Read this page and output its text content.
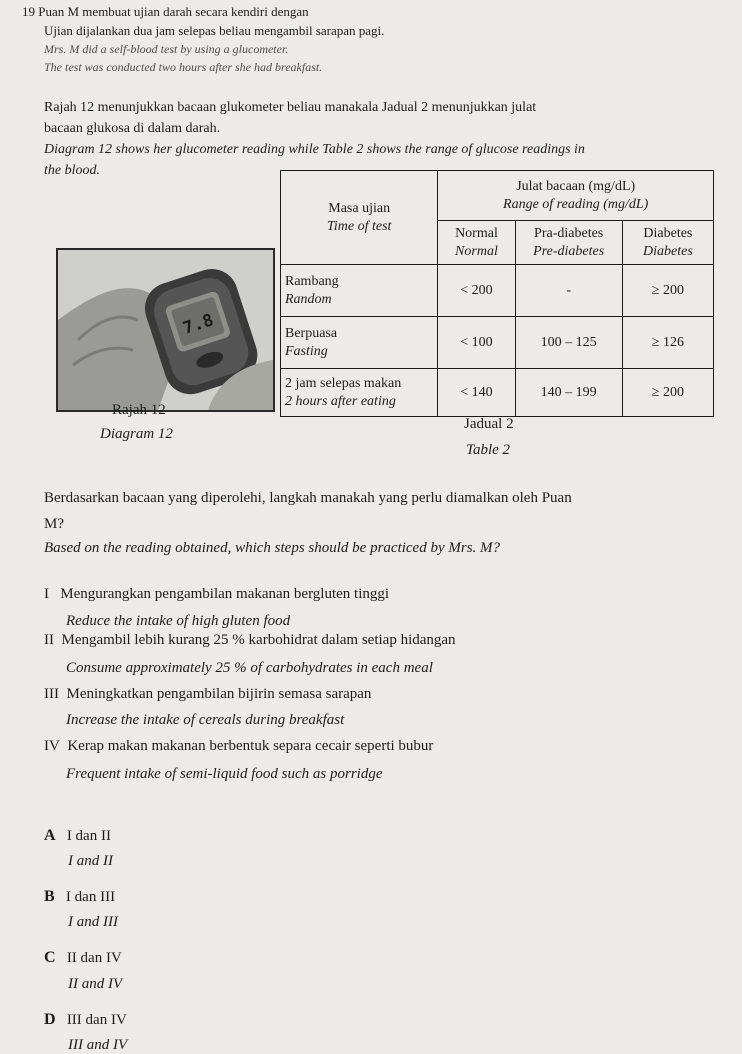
19 Puan M membuat ujian darah secara kendiri dengan
Ujian dijalankan dua jam selepas beliau mengambil sarapan pagi.
Mrs. M did a self-blood test by using a glucometer.
The test was conducted two hours after she had breakfast.
Rajah 12 menunjukkan bacaan glukometer beliau manakala Jadual 2 menunjukkan julat
bacaan glukosa di dalam darah.
Diagram 12 shows her glucometer reading while Table 2 shows the range of glucose readings in
the blood.
7.8
Rajah 12
Diagram 12
Masa ujian
Time of test	Julat bacaan (mg/dL)
Range of reading (mg/dL)		

	Normal
Normal	Pra-diabetes
Pre-diabetes	Diabetes
Diabetes

Rambang
Random	< 200	-	≥ 200
Berpuasa
Fasting	< 100	100 – 125	≥ 126
2 jam selepas makan
2 hours after eating	< 140	140 – 199	≥ 200
Jadual 2
Table 2
Berdasarkan bacaan yang diperolehi, langkah manakah yang perlu diamalkan oleh Puan
M?
Based on the reading obtained, which steps should be practiced by Mrs. M?
I Mengurangkan pengambilan makanan bergluten tinggi
Reduce the intake of high gluten food
II Mengambil lebih kurang 25 % karbohidrat dalam setiap hidangan
Consume approximately 25 % of carbohydrates in each meal
III Meningkatkan pengambilan bijirin semasa sarapan
Increase the intake of cereals during breakfast
IV Kerap makan makanan berbentuk separa cecair seperti bubur
Frequent intake of semi-liquid food such as porridge
A I dan II
I and II
B I dan III
I and III
C II dan IV
II and IV
D III dan IV
III and IV
